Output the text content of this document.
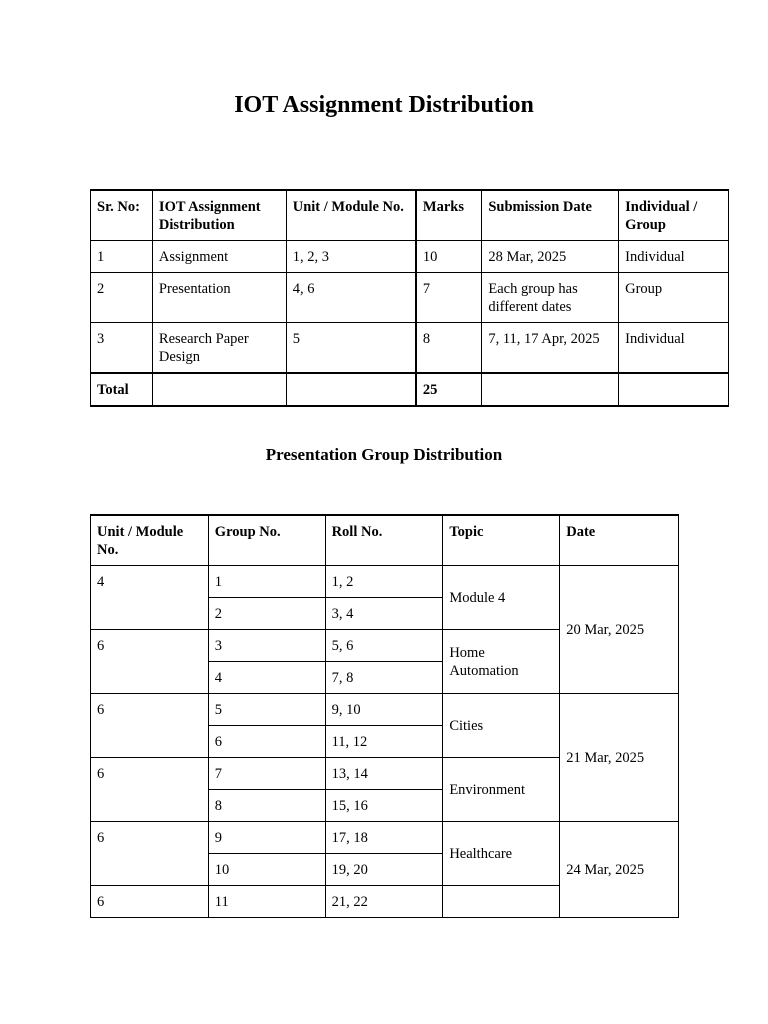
IOT Assignment Distribution
Sr. No:	IOT Assignment Distribution	Unit / Module No.	Marks	Submission Date	Individual / Group
1	Assignment	1, 2, 3	10	28 Mar, 2025	Individual
2	Presentation	4, 6	7	Each group has different dates	Group
3	Research Paper Design	5	8	7, 11, 17 Apr, 2025	Individual
Total			25		
Presentation Group Distribution
Unit / Module No.	Group No.	Roll No.	Topic	Date
4	1	1, 2	Module 4	20 Mar, 2025
	2	3, 4		
6	3	5, 6	Home Automation	
	4	7, 8		
6	5	9, 10	Cities	21 Mar, 2025
	6	11, 12		
6	7	13, 14	Environment	
	8	15, 16		
6	9	17, 18	Healthcare	24 Mar, 2025
	10	19, 20		
6	11	21, 22		
